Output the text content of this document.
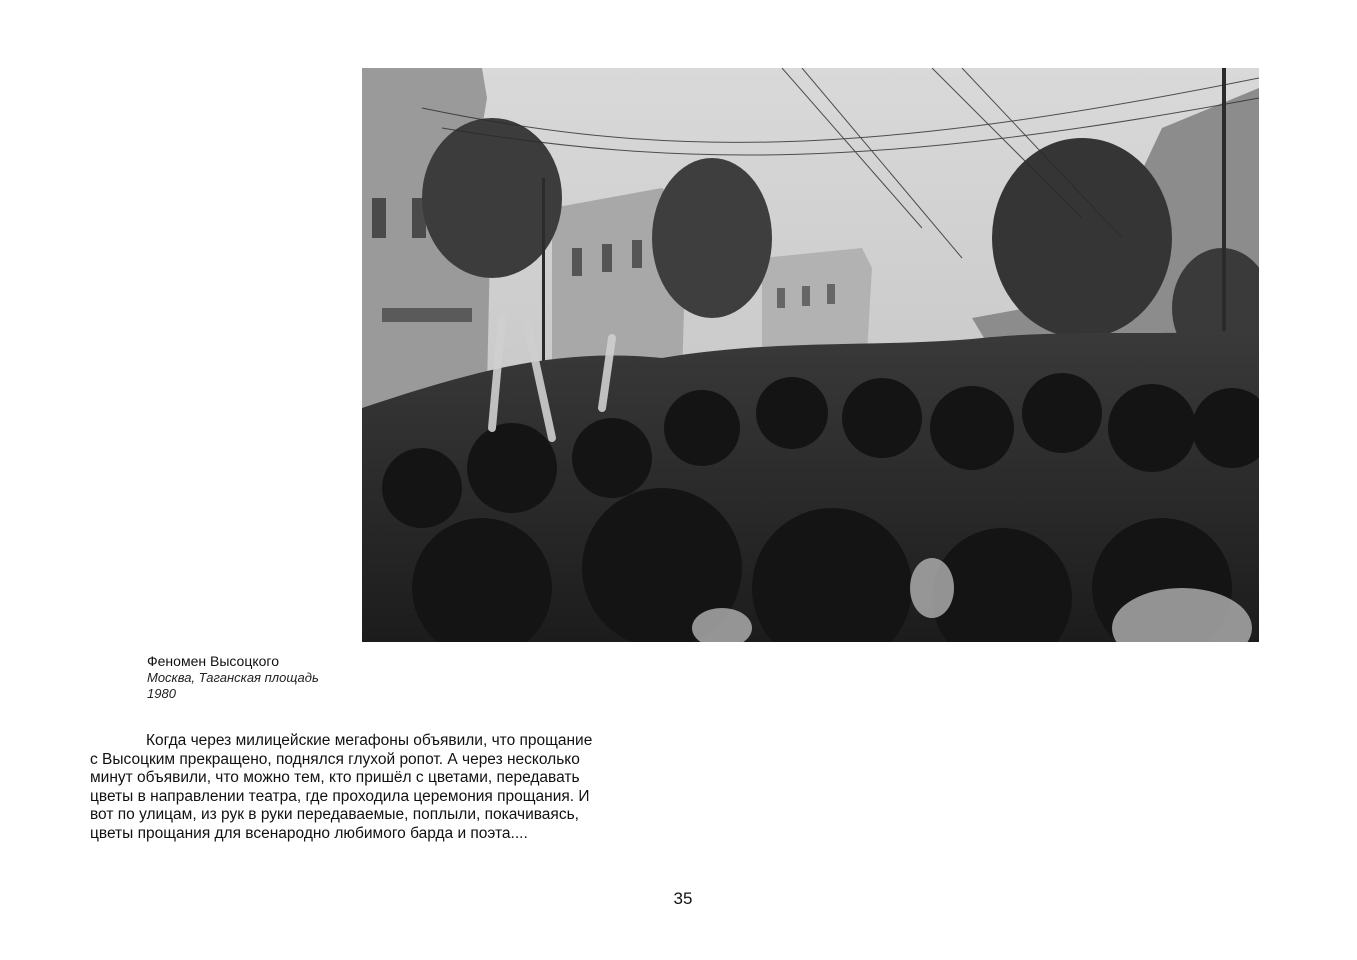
Феномен Высоцкого
Москва, Таганская площадь
1980
Когда через милицейские мегафоны объявили, что прощание
с Высоцким прекращено, поднялся глухой ропот. А через несколько
минут объявили, что можно тем, кто пришёл с цветами, передавать
цветы в направлении театра, где проходила церемония прощания. И
вот по улицам, из рук в руки передаваемые, поплыли, покачиваясь,
цветы прощания для всенародно любимого барда и поэта....
35
